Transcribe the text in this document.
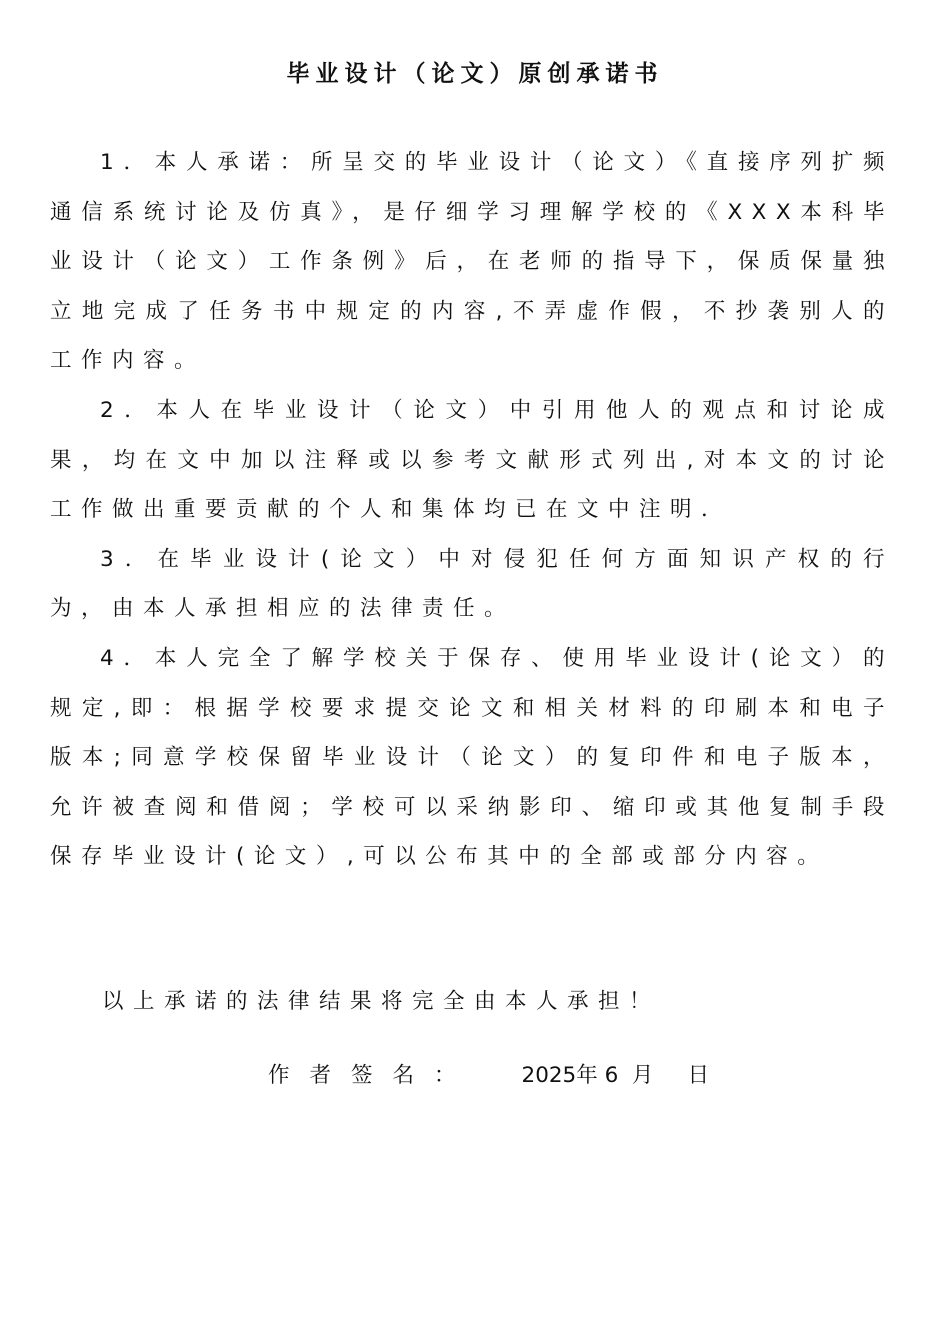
毕业设计（论文）原创承诺书

1．本人承诺：所呈交的毕业设计（论文）《直接序列扩频通信系统讨论及仿真》，是仔细学习理解学校的《XXX本科毕业设计（论文）工作条例》后，在老师的指导下，保质保量独立地完成了任务书中规定的内容,不弄虚作假，不抄袭别人的工作内容。

2．本人在毕业设计（论文）中引用他人的观点和讨论成果，均在文中加以注释或以参考文献形式列出,对本文的讨论工作做出重要贡献的个人和集体均已在文中注明．

3．在毕业设计(论文）中对侵犯任何方面知识产权的行为，由本人承担相应的法律责任。

4．本人完全了解学校关于保存、使用毕业设计(论文）的规定,即：根据学校要求提交论文和相关材料的印刷本和电子版本;同意学校保留毕业设计（论文）的复印件和电子版本，允许被查阅和借阅；学校可以采纳影印、缩印或其他复制手段保存毕业设计(论文）,可以公布其中的全部或部分内容。

以上承诺的法律结果将完全由本人承担！
作者签名： 2025年 6  月     日
